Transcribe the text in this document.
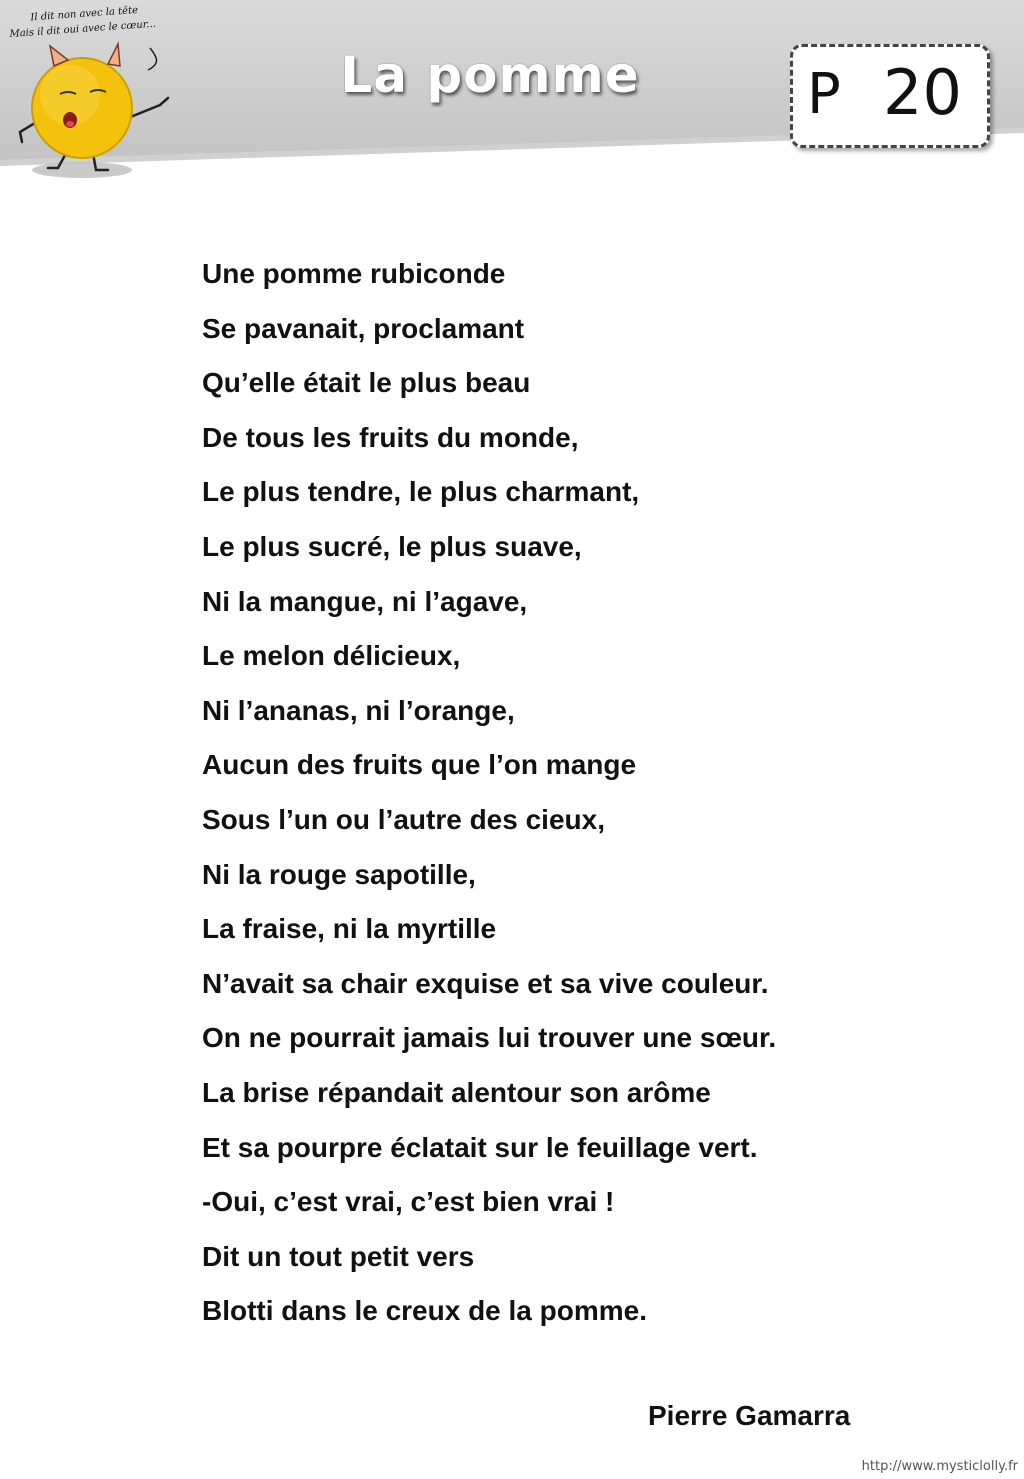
Il dit non avec la tête
Mais il dit oui avec le cœur...
La pomme	P 20
Une pomme rubiconde
Se pavanait, proclamant
Qu’elle était le plus beau
De tous les fruits du monde,
Le plus tendre, le plus charmant,
Le plus sucré, le plus suave,
Ni la mangue, ni l’agave,
Le melon délicieux,
Ni l’ananas, ni l’orange,
Aucun des fruits que l’on mange
Sous l’un ou l’autre des cieux,
Ni la rouge sapotille,
La fraise, ni la myrtille
N’avait sa chair exquise et sa vive couleur.
On ne pourrait jamais lui trouver une sœur.
La brise répandait alentour son arôme
Et sa pourpre éclatait sur le feuillage vert.
-Oui, c’est vrai, c’est bien vrai !
Dit un tout petit vers
Blotti dans le creux de la pomme.
Pierre Gamarra
http://www.mysticlolly.fr
